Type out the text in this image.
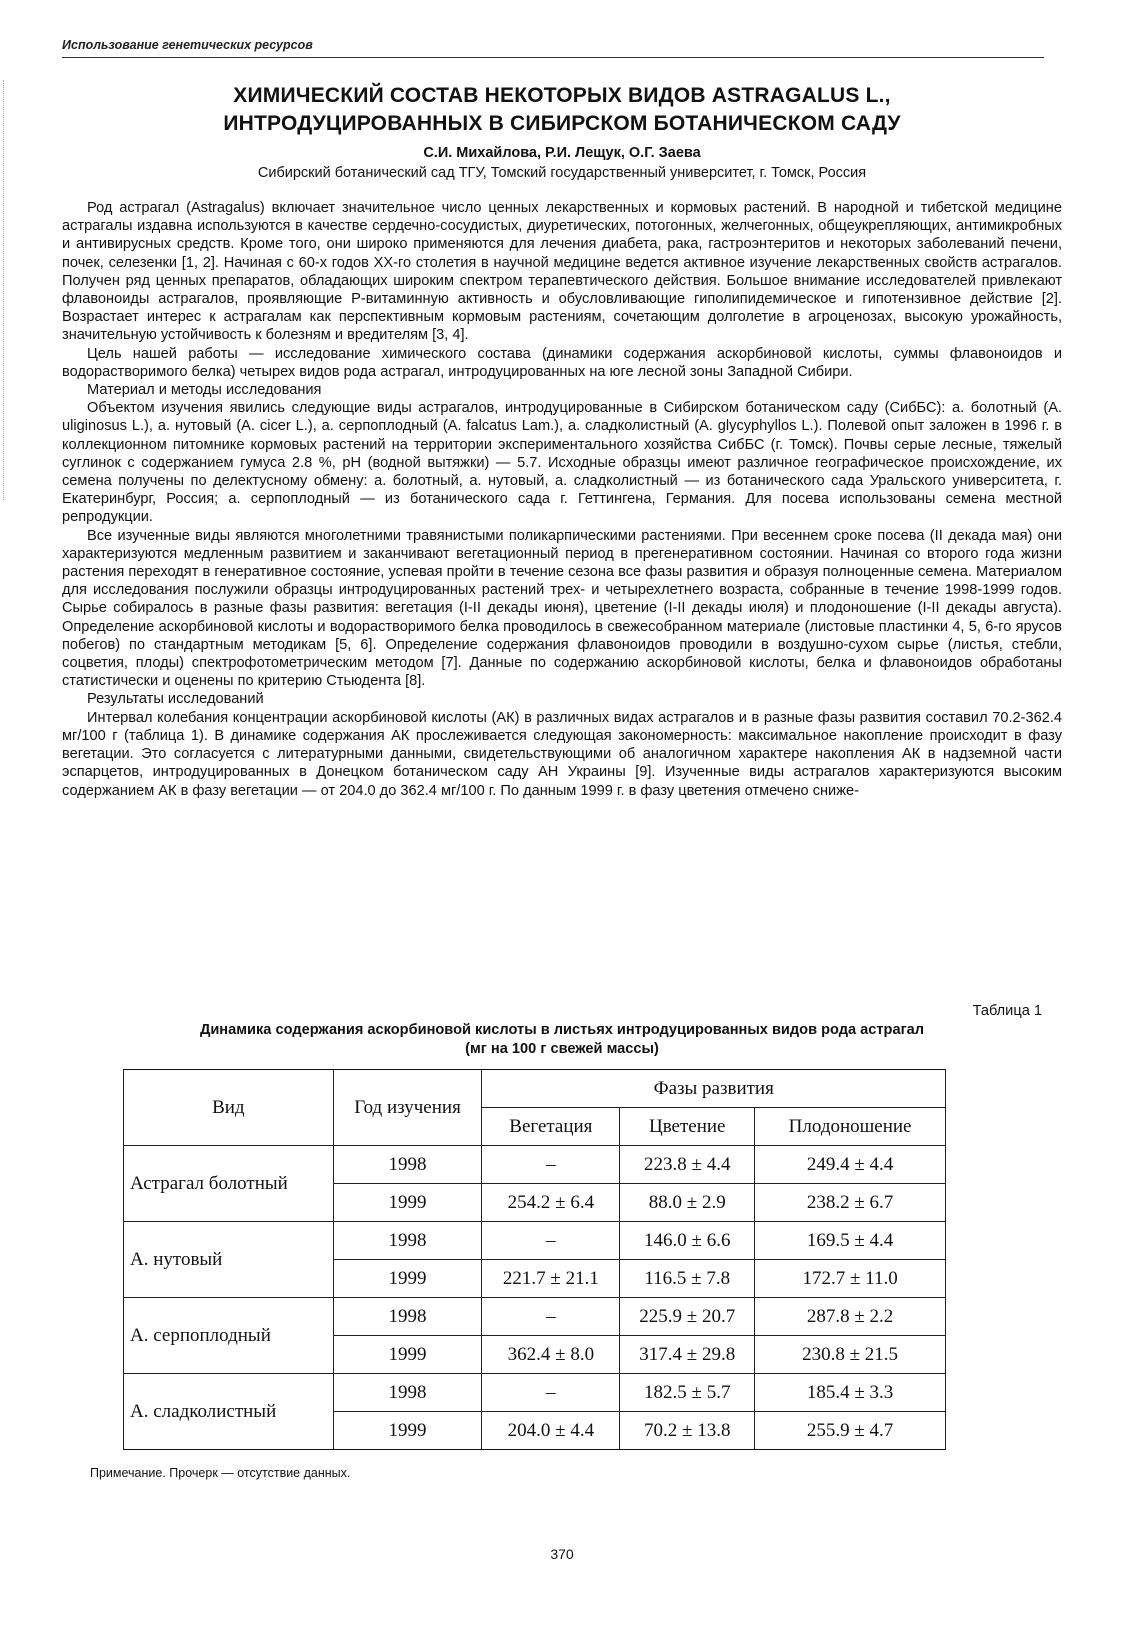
Использование генетических ресурсов
ХИМИЧЕСКИЙ СОСТАВ НЕКОТОРЫХ ВИДОВ ASTRAGALUS L.,
ИНТРОДУЦИРОВАННЫХ В СИБИРСКОМ БОТАНИЧЕСКОМ САДУ
С.И. Михайлова, Р.И. Лещук, О.Г. Заева
Сибирский ботанический сад ТГУ, Томский государственный университет, г. Томск, Россия

Род астрагал (Astragalus) включает значительное число ценных лекарственных и кормовых растений. В народной и тибетской медицине астрагалы издавна используются в качестве сердечно-сосудистых, диуретических, потогонных, желчегонных, общеукрепляющих, антимикробных и антивирусных средств. Кроме того, они широко применяются для лечения диабета, рака, гастроэнтеритов и некоторых заболеваний печени, почек, селезенки [1, 2]. Начиная с 60-х годов XX-го столетия в научной медицине ведется активное изучение лекарственных свойств астрагалов. Получен ряд ценных препаратов, обладающих широким спектром терапевтического действия. Большое внимание исследователей привлекают флавоноиды астрагалов, проявляющие Р-витаминную активность и обусловливающие гиполипидемическое и гипотензивное действие [2]. Возрастает интерес к астрагалам как перспективным кормовым растениям, сочетающим долголетие в агроценозах, высокую урожайность, значительную устойчивость к болезням и вредителям [3, 4].

Цель нашей работы — исследование химического состава (динамики содержания аскорбиновой кислоты, суммы флавоноидов и водорастворимого белка) четырех видов рода астрагал, интродуцированных на юге лесной зоны Западной Сибири.

Материал и методы исследования

Объектом изучения явились следующие виды астрагалов, интродуцированные в Сибирском ботаническом саду (СибБС): а. болотный (A. uliginosus L.), а. нутовый (A. cicer L.), а. серпоплодный (A. falcatus Lam.), а. сладколистный (A. glycyphyllos L.). Полевой опыт заложен в 1996 г. в коллекционном питомнике кормовых растений на территории экспериментального хозяйства СибБС (г. Томск). Почвы серые лесные, тяжелый суглинок с содержанием гумуса 2.8 %, рН (водной вытяжки) — 5.7. Исходные образцы имеют различное географическое происхождение, их семена получены по делектусному обмену: а. болотный, а. нутовый, а. сладколистный — из ботанического сада Уральского университета, г. Екатеринбург, Россия; а. серпоплодный — из ботанического сада г. Геттингена, Германия. Для посева использованы семена местной репродукции.

Все изученные виды являются многолетними травянистыми поликарпическими растениями. При весеннем сроке посева (II декада мая) они характеризуются медленным развитием и заканчивают вегетационный период в прегенеративном состоянии. Начиная со второго года жизни растения переходят в генеративное состояние, успевая пройти в течение сезона все фазы развития и образуя полноценные семена. Материалом для исследования послужили образцы интродуцированных растений трех- и четырехлетнего возраста, собранные в течение 1998-1999 годов. Сырье собиралось в разные фазы развития: вегетация (I-II декады июня), цветение (I-II декады июля) и плодоношение (I-II декады августа). Определение аскорбиновой кислоты и водорастворимого белка проводилось в свежесобранном материале (листовые пластинки 4, 5, 6-го ярусов побегов) по стандартным методикам [5, 6]. Определение содержания флавоноидов проводили в воздушно-сухом сырье (листья, стебли, соцветия, плоды) спектрофотометрическим методом [7]. Данные по содержанию аскорбиновой кислоты, белка и флавоноидов обработаны статистически и оценены по критерию Стьюдента [8].

Результаты исследований

Интервал колебания концентрации аскорбиновой кислоты (АК) в различных видах астрагалов и в разные фазы развития составил 70.2-362.4 мг/100 г (таблица 1). В динамике содержания АК прослеживается следующая закономерность: максимальное накопление происходит в фазу вегетации. Это согласуется с литературными данными, свидетельствующими об аналогичном характере накопления АК в надземной части эспарцетов, интродуцированных в Донецком ботаническом саду АН Украины [9]. Изученные виды астрагалов характеризуются высоким содержанием АК в фазу вегетации — от 204.0 до 362.4 мг/100 г. По данным 1999 г. в фазу цветения отмечено сниже-

Таблица 1
Динамика содержания аскорбиновой кислоты в листьях интродуцированных видов рода астрагал
(мг на 100 г свежей массы)
Вид	Год изучения	Фазы развития		
		Вегетация	Цветение	Плодоношение
Астрагал болотный	1998	–	223.8 ± 4.4	249.4 ± 4.4
	1999	254.2 ± 6.4	88.0 ± 2.9	238.2 ± 6.7
А. нутовый	1998	–	146.0 ± 6.6	169.5 ± 4.4
	1999	221.7 ± 21.1	116.5 ± 7.8	172.7 ± 11.0
А. серпоплодный	1998	–	225.9 ± 20.7	287.8 ± 2.2
	1999	362.4 ± 8.0	317.4 ± 29.8	230.8 ± 21.5
А. сладколистный	1998	–	182.5 ± 5.7	185.4 ± 3.3
	1999	204.0 ± 4.4	70.2 ± 13.8	255.9 ± 4.7
Примечание. Прочерк — отсутствие данных.
370
